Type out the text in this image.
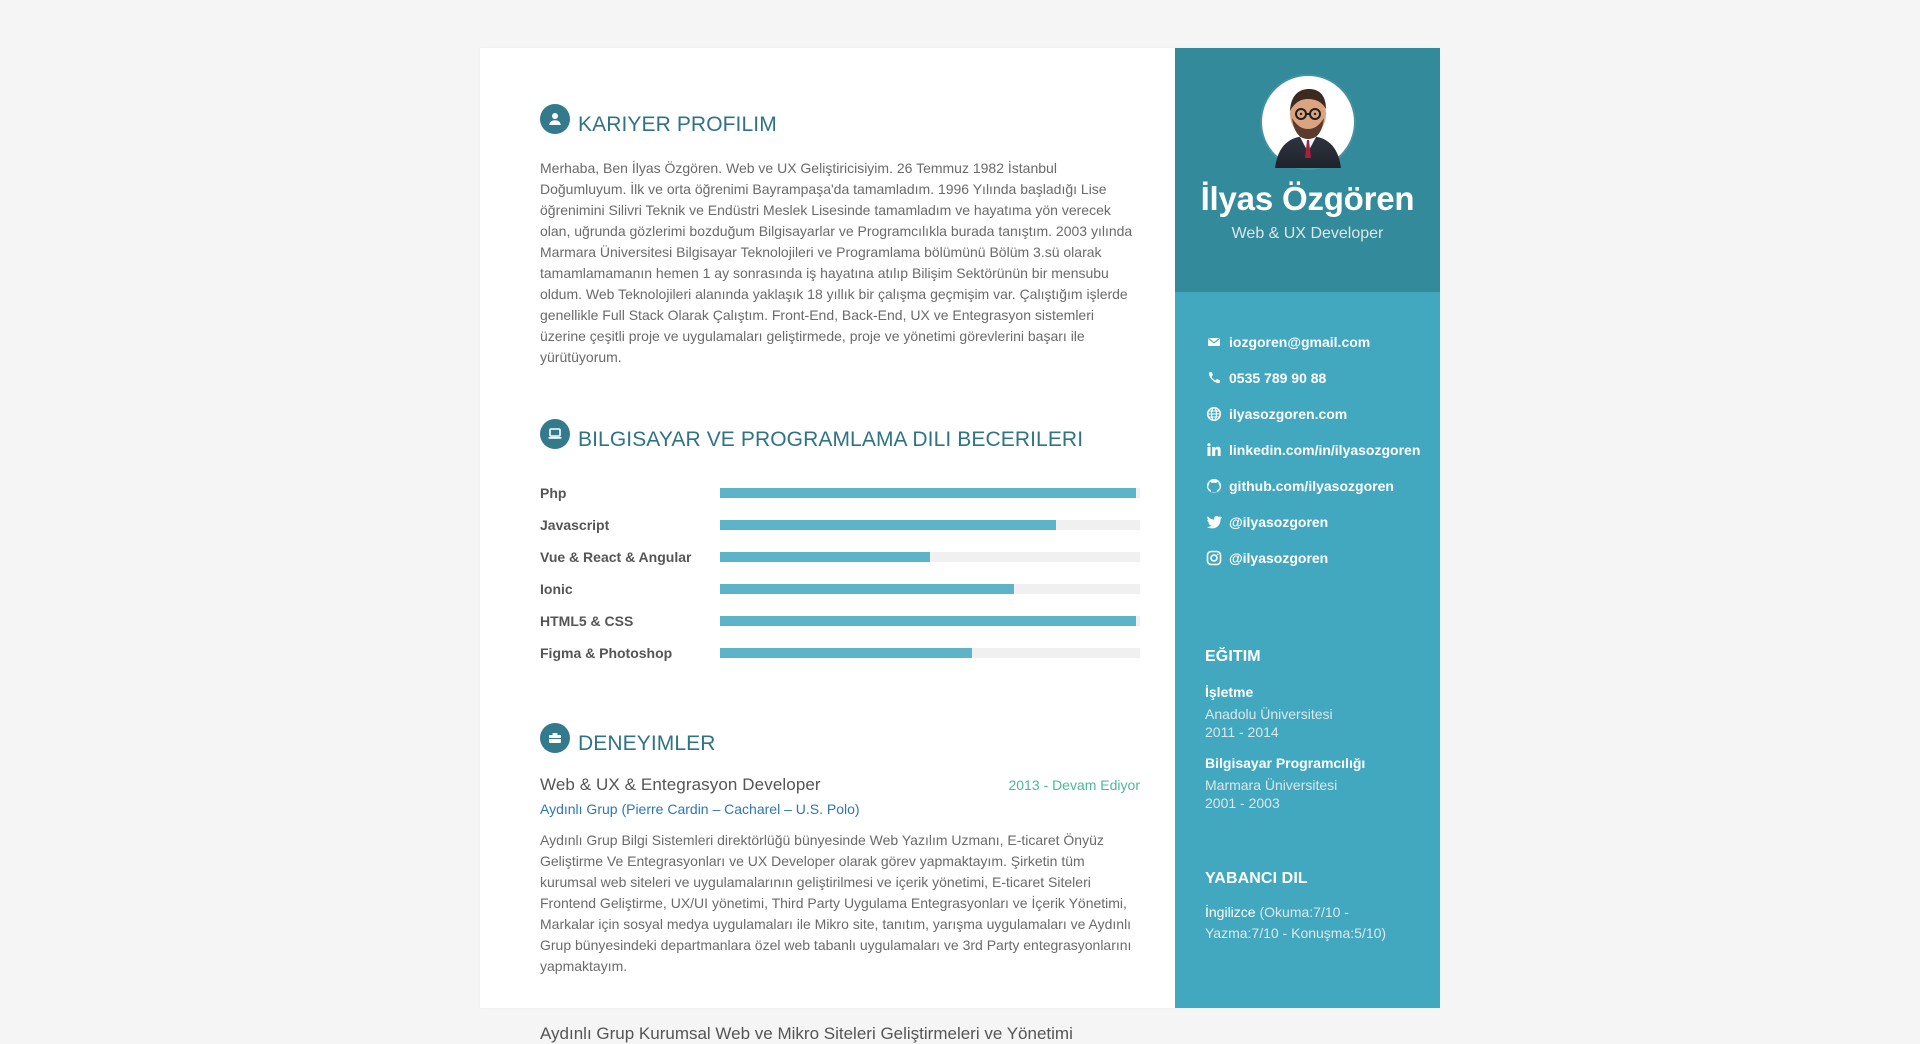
KARIYER PROFILIM
Merhaba, Ben İlyas Özgören. Web ve UX Geliştiricisiyim. 26 Temmuz 1982 İstanbul Doğumluyum. İlk ve orta öğrenimi Bayrampaşa'da tamamladım. 1996 Yılında başladığı Lise öğrenimini Silivri Teknik ve Endüstri Meslek Lisesinde tamamladım ve hayatıma yön verecek olan, uğrunda gözlerimi bozduğum Bilgisayarlar ve Programcılıkla burada tanıştım. 2003 yılında Marmara Üniversitesi Bilgisayar Teknolojileri ve Programlama bölümünü Bölüm 3.sü olarak tamamlamamanın hemen 1 ay sonrasında iş hayatına atılıp Bilişim Sektörünün bir mensubu oldum. Web Teknolojileri alanında yaklaşık 18 yıllık bir çalışma geçmişim var. Çalıştığım işlerde genellikle Full Stack Olarak Çalıştım. Front-End, Back-End, UX ve Entegrasyon sistemleri üzerine çeşitli proje ve uygulamaları geliştirmede, proje ve yönetimi görevlerini başarı ile yürütüyorum.
BILGISAYAR VE PROGRAMLAMA DILI BECERILERI
Php
Javascript
Vue & React & Angular
Ionic
HTML5 & CSS
Figma & Photoshop
DENEYIMLER
Web & UX & Entegrasyon Developer	2013 - Devam Ediyor
Aydınlı Grup (Pierre Cardin – Cacharel – U.S. Polo)
Aydınlı Grup Bilgi Sistemleri direktörlüğü bünyesinde Web Yazılım Uzmanı, E-ticaret Önyüz Geliştirme Ve Entegrasyonları ve UX Developer olarak görev yapmaktayım. Şirketin tüm kurumsal web siteleri ve uygulamalarının geliştirilmesi ve içerik yönetimi, E-ticaret Siteleri Frontend Geliştirme, UX/UI yönetimi, Third Party Uygulama Entegrasyonları ve İçerik Yönetimi, Markalar için sosyal medya uygulamaları ile Mikro site, tanıtım, yarışma uygulamaları ve Aydınlı Grup bünyesindeki departmanlara özel web tabanlı uygulamaları ve 3rd Party entegrasyonlarını yapmaktayım.
Aydınlı Grup Kurumsal Web ve Mikro Siteleri Geliştirmeleri ve Yönetimi
İlyas Özgören
Web & UX Developer
iozgoren@gmail.com
0535 789 90 88
ilyasozgoren.com
linkedin.com/in/ilyasozgoren
github.com/ilyasozgoren
@ilyasozgoren
@ilyasozgoren
EĞITIM
İşletme
Anadolu Üniversitesi
2011 - 2014
Bilgisayar Programcılığı
Marmara Üniversitesi
2001 - 2003
YABANCI DIL
İngilizce (Okuma:7/10 - Yazma:7/10 - Konuşma:5/10)
